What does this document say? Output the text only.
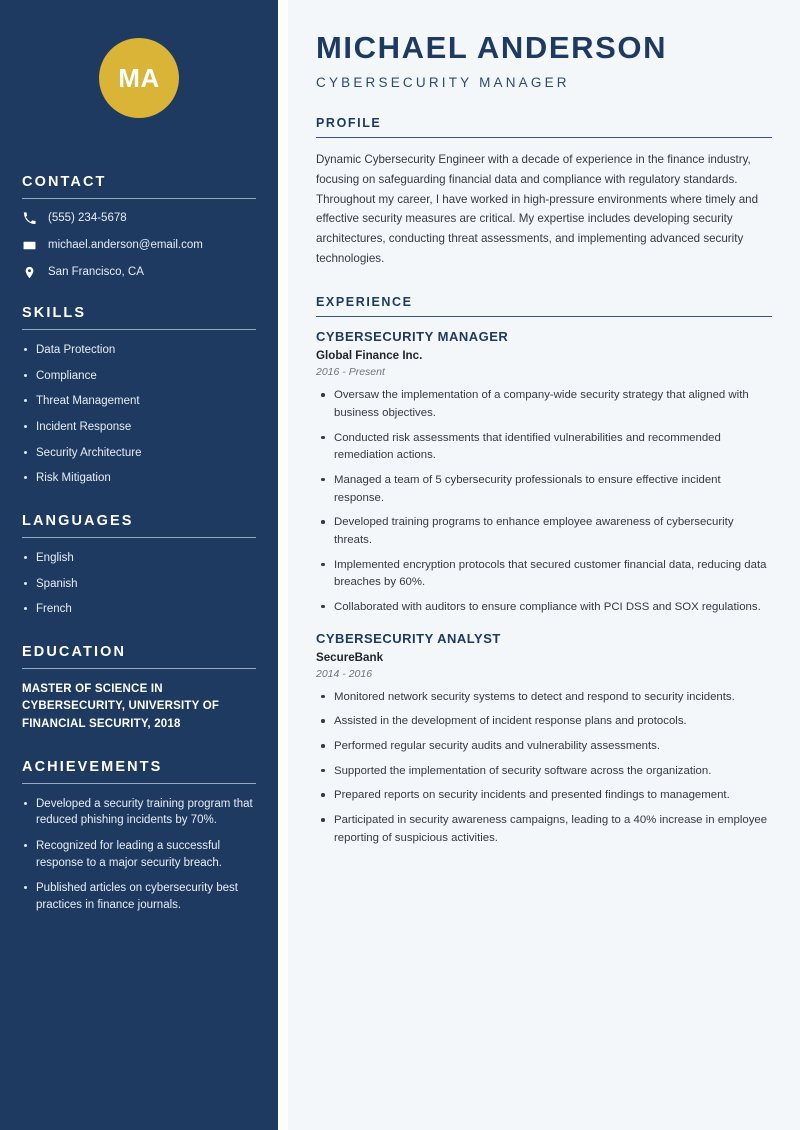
MA
CONTACT
(555) 234-5678
michael.anderson@email.com
San Francisco, CA
SKILLS
Data Protection
Compliance
Threat Management
Incident Response
Security Architecture
Risk Mitigation
LANGUAGES
English
Spanish
French
EDUCATION
MASTER OF SCIENCE IN CYBERSECURITY, UNIVERSITY OF FINANCIAL SECURITY, 2018
ACHIEVEMENTS
Developed a security training program that reduced phishing incidents by 70%.
Recognized for leading a successful response to a major security breach.
Published articles on cybersecurity best practices in finance journals.
MICHAEL ANDERSON
CYBERSECURITY MANAGER
PROFILE

Dynamic Cybersecurity Engineer with a decade of experience in the finance industry, focusing on safeguarding financial data and compliance with regulatory standards. Throughout my career, I have worked in high-pressure environments where timely and effective security measures are critical. My expertise includes developing security architectures, conducting threat assessments, and implementing advanced security technologies.

EXPERIENCE
CYBERSECURITY MANAGER
Global Finance Inc.
2016 - Present
Oversaw the implementation of a company-wide security strategy that aligned with business objectives.
Conducted risk assessments that identified vulnerabilities and recommended remediation actions.
Managed a team of 5 cybersecurity professionals to ensure effective incident response.
Developed training programs to enhance employee awareness of cybersecurity threats.
Implemented encryption protocols that secured customer financial data, reducing data breaches by 60%.
Collaborated with auditors to ensure compliance with PCI DSS and SOX regulations.
CYBERSECURITY ANALYST
SecureBank
2014 - 2016
Monitored network security systems to detect and respond to security incidents.
Assisted in the development of incident response plans and protocols.
Performed regular security audits and vulnerability assessments.
Supported the implementation of security software across the organization.
Prepared reports on security incidents and presented findings to management.
Participated in security awareness campaigns, leading to a 40% increase in employee reporting of suspicious activities.
